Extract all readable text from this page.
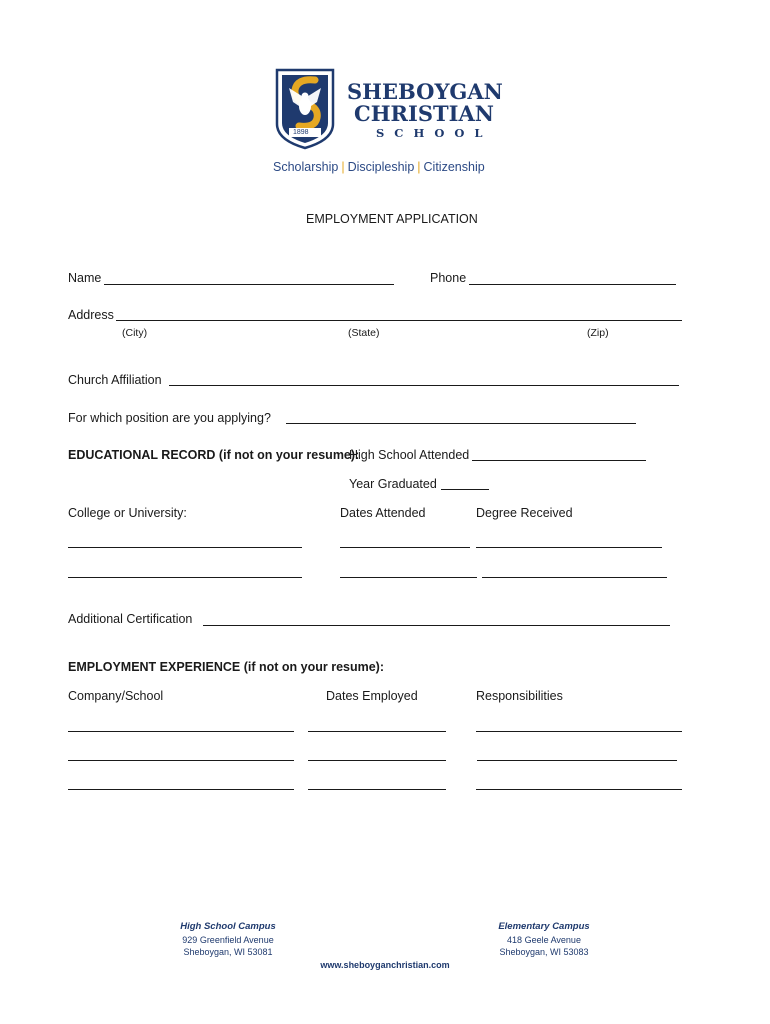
1898
SHEBOYGAN
CHRISTIAN
SCHOOL
Scholarship | Discipleship | Citizenship
EMPLOYMENT APPLICATION
Name	Phone
Address
(City)	(State)	(Zip)
Church Affiliation
For which position are you applying?
EDUCATIONAL RECORD (if not on your resume):
High School Attended
Year Graduated
College or University:	Dates Attended	Degree Received
Additional Certification
EMPLOYMENT EXPERIENCE (if not on your resume):
Company/School	Dates Employed	Responsibilities
High School Campus
929 Greenfield Avenue
Sheboygan, WI 53081
Elementary Campus
418 Geele Avenue
Sheboygan, WI 53083
www.sheboyganchristian.com
